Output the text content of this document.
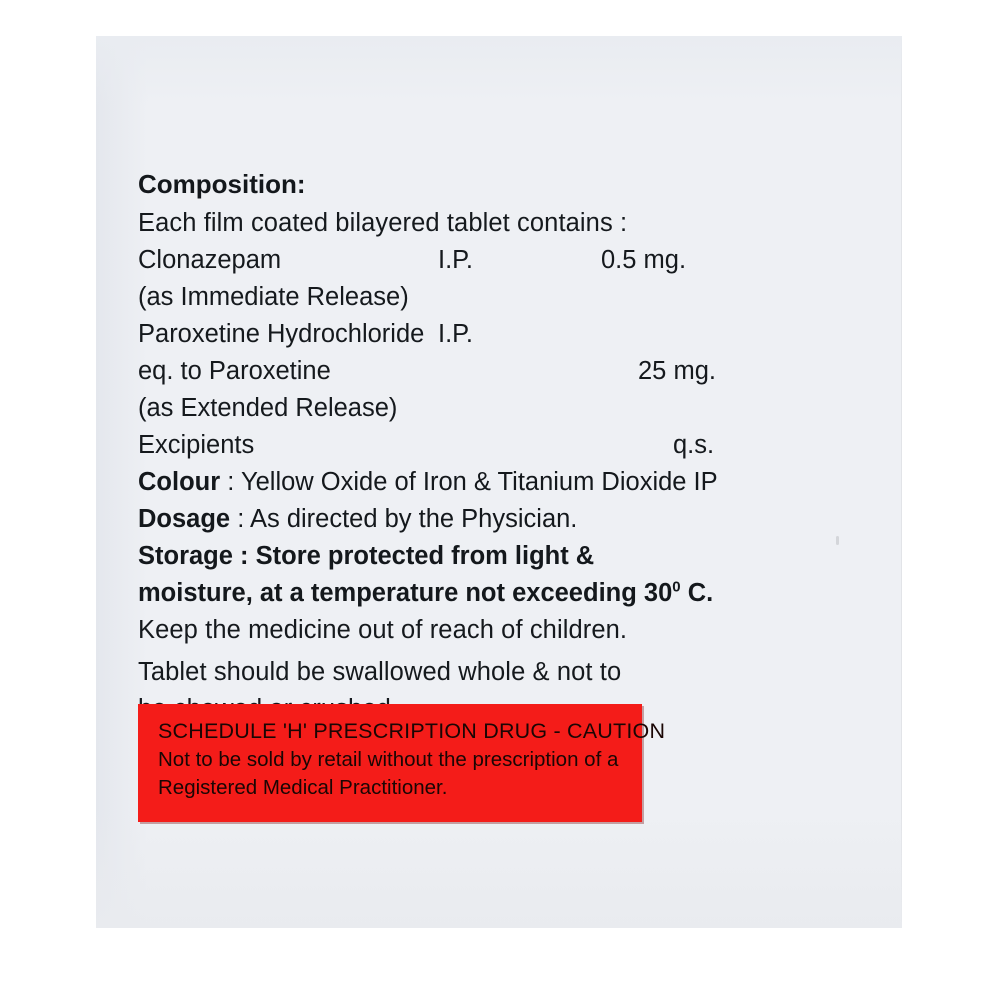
Composition:
Each film coated bilayered tablet contains :
Clonazepam	I.P.	0.5 mg.
(as Immediate Release)
Paroxetine Hydrochloride I.P.
eq. to Paroxetine	25 mg.
(as Extended Release)
Excipients	q.s.
Colour : Yellow Oxide of Iron & Titanium Dioxide IP
Dosage : As directed by the Physician.
Storage : Store protected from light &
moisture, at a temperature not exceeding $30^0$ C.
Keep the medicine out of reach of children.
Tablet should be swallowed whole & not to
SCHEDULE 'H' PRESCRIPTION DRUG - CAUTION
Not to be sold by retail without the prescription of a
Registered Medical Practitioner.
